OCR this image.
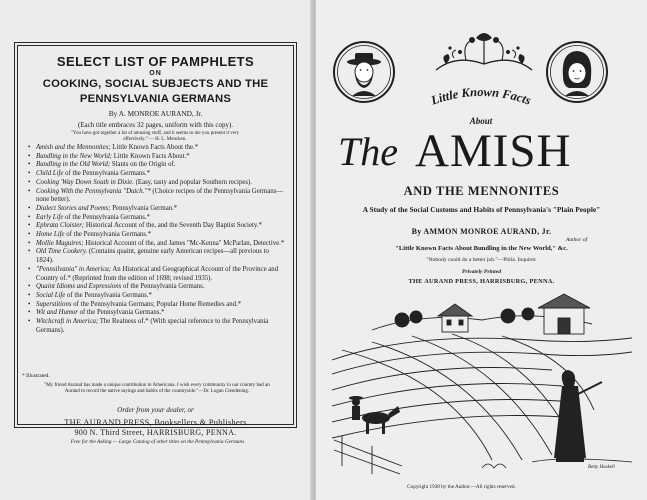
SELECT LIST OF PAMPHLETS
ON
COOKING, SOCIAL SUBJECTS AND THE
PENNSYLVANIA GERMANS
By A. MONROE AURAND, Jr.
(Each title embraces 32 pages, uniform with this copy).
"You have got together a lot of amusing stuff, and it seems to me you present it very effectively." — H. L. Mencken.
• Amish and the Mennonites; Little Known Facts About the.*
• Bundling in the New World; Little Known Facts About.*
• Bundling in the Old World; Slants on the Origin of.
• Child Life of the Pennsylvania Germans.*
• Cooking 'Way Down South in Dixie. (Easy, tasty and popular Southern recipes).
• Cooking With the Pennsylvania "Dutch."* (Choice recipes of the Pennsylvania Germans—none better).
• Dialect Stories and Poems; Pennsylvania German.*
• Early Life of the Pennsylvania Germans.*
• Ephrata Cloister; Historical Account of the, and the Seventh Day Baptist Society.*
• Home Life of the Pennsylvania Germans.*
• Mollie Maguires; Historical Account of the, and James "Mc-Kenna" McParlan, Detective.*
• Old Time Cookery. (Contains quaint, genuine early American recipes—all previous to 1824).
• "Pennsilvania" in America; An Historical and Geographical Account of the Province and Country of.* (Reprinted from the edition of 1698; revised 1935).
• Quaint Idioms and Expressions of the Pennsylvania Germans.
• Social Life of the Pennsylvania Germans.*
• Superstitions of the Pennsylvania Germans; Popular Home Remedies and.*
• Wit and Humor of the Pennsylvania Germans.*
• Witchcraft in America; The Realness of.* (With special reference to the Pennsylvania Germans).
* Illustrated.
"My friend Aurand has made a unique contribution to Americana. I wish every community in our country had an Aurand to record the native sayings and habits of the countryside."—Dr. Logan Clendening.
Order from your dealer, or
THE AURAND PRESS, Booksellers & Publishers
900 N. Third Street, HARRISBURG, PENNA.
Free for the Asking — Large Catalog of other titles on the Pennsylvania Germans
Little Known Facts
About
The AMISH
AND THE MENNONITES
A Study of the Social Customs and Habits of Pennsylvania's "Plain People"
By AMMON MONROE AURAND, Jr.
Author of
"Little Known Facts About Bundling in the New World," &c.
"Nobody could do a better job."—Phila. Inquirer.
Privately Printed
THE AURAND PRESS, HARRISBURG, PENNA.
Betty Haskell
Copyright 1938 by the Author.—All rights reserved.
